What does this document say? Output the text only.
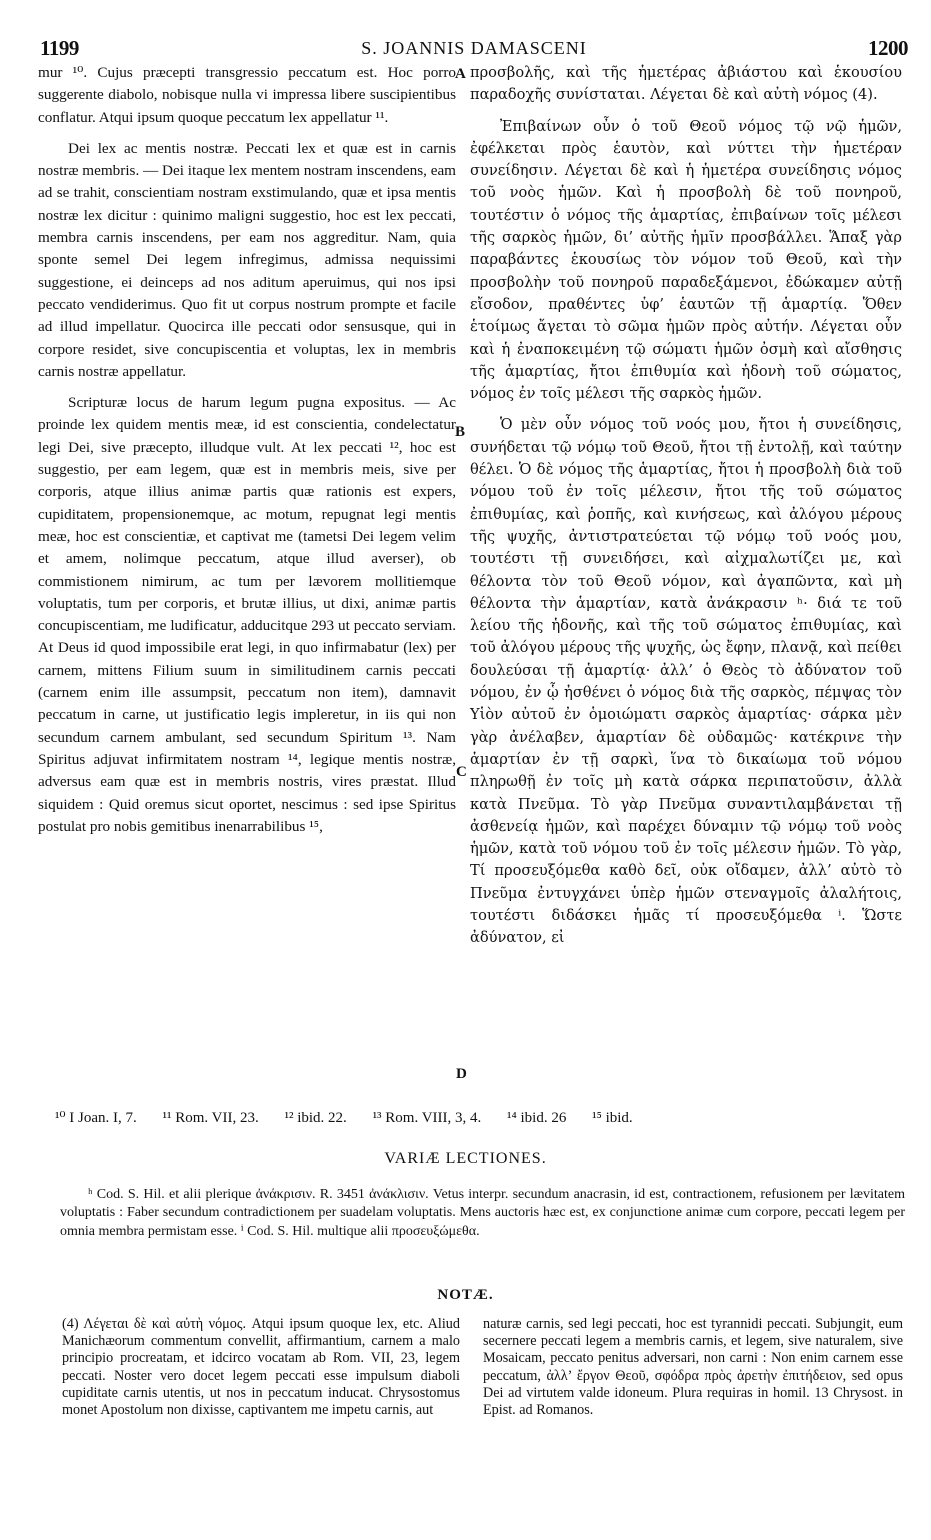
1199	S. JOANNIS DAMASCENI	1200

mur ¹⁰. Cujus præcepti transgressio peccatum est. Hoc porro suggerente diabolo, nobisque nulla vi impressa libere suscipientibus conflatur. Atqui ipsum quoque peccatum lex appellatur ¹¹.

Dei lex ac mentis nostræ. Peccati lex et quæ est in carnis nostræ membris. — Dei itaque lex mentem nostram inscendens, eam ad se trahit, conscientiam nostram exstimulando, quæ et ipsa mentis nostræ lex dicitur : quinimo maligni suggestio, hoc est lex peccati, membra carnis inscendens, per eam nos aggreditur. Nam, quia sponte semel Dei legem infregimus, admissa nequissimi suggestione, ei deinceps ad nos aditum aperuimus, qui nos ipsi peccato vendiderimus. Quo fit ut corpus nostrum prompte et facile ad illud impellatur. Quocirca ille peccati odor sensusque, qui in corpore residet, sive concupiscentia et voluptas, lex in membris carnis nostræ appellatur.

Scripturæ locus de harum legum pugna expositus. — Ac proinde lex quidem mentis meæ, id est conscientia, condelectatur legi Dei, sive præcepto, illudque vult. At lex peccati ¹², hoc est suggestio, per eam legem, quæ est in membris meis, sive per corporis, atque illius animæ partis quæ rationis est expers, cupiditatem, propensionemque, ac motum, repugnat legi mentis meæ, hoc est conscientiæ, et captivat me (tametsi Dei legem velim et amem, nolimque peccatum, atque illud averser), ob commistionem nimirum, ac tum per lævorem mollitiemque voluptatis, tum per corporis, et brutæ illius, ut dixi, animæ partis concupiscentiam, me ludificatur, adducitque 293 ut peccato serviam. At Deus id quod impossibile erat legi, in quo infirmabatur (lex) per carnem, mittens Filium suum in similitudinem carnis peccati (carnem enim ille assumpsit, peccatum non item), damnavit peccatum in carne, ut justificatio legis impleretur, in iis qui non secundum carnem ambulant, sed secundum Spiritum ¹³. Nam Spiritus adjuvat infirmitatem nostram ¹⁴, legique mentis nostræ, adversus eam quæ est in membris nostris, vires præstat. Illud siquidem : Quid oremus sicut oportet, nescimus : sed ipse Spiritus postulat pro nobis gemitibus inenarrabilibus ¹⁵,

A
B
C
D

προσβολῆς, καὶ τῆς ἡμετέρας ἀβιάστου καὶ ἑκουσίου παραδοχῆς συνίσταται. Λέγεται δὲ καὶ αὐτὴ νόμος (4).

Ἐπιβαίνων οὖν ὁ τοῦ Θεοῦ νόμος τῷ νῷ ἡμῶν, ἐφέλκεται πρὸς ἑαυτὸν, καὶ νύττει τὴν ἡμετέραν συνείδησιν. Λέγεται δὲ καὶ ἡ ἡμετέρα συνείδησις νόμος τοῦ νοὸς ἡμῶν. Καὶ ἡ προσβολὴ δὲ τοῦ πονηροῦ, τουτέστιν ὁ νόμος τῆς ἁμαρτίας, ἐπιβαίνων τοῖς μέλεσι τῆς σαρκὸς ἡμῶν, δι’ αὐτῆς ἡμῖν προσβάλλει. Ἅπαξ γὰρ παραβάντες ἑκουσίως τὸν νόμον τοῦ Θεοῦ, καὶ τὴν προσβολὴν τοῦ πονηροῦ παραδεξάμενοι, ἐδώκαμεν αὐτῇ εἴσοδον, πραθέντες ὑφ’ ἑαυτῶν τῇ ἁμαρτίᾳ. Ὅθεν ἑτοίμως ἄγεται τὸ σῶμα ἡμῶν πρὸς αὐτήν. Λέγεται οὖν καὶ ἡ ἐναποκειμένη τῷ σώματι ἡμῶν ὀσμὴ καὶ αἴσθησις τῆς ἁμαρτίας, ἤτοι ἐπιθυμία καὶ ἡδονὴ τοῦ σώματος, νόμος ἐν τοῖς μέλεσι τῆς σαρκὸς ἡμῶν.

Ὁ μὲν οὖν νόμος τοῦ νοός μου, ἤτοι ἡ συνείδησις, συνήδεται τῷ νόμῳ τοῦ Θεοῦ, ἤτοι τῇ ἐντολῇ, καὶ ταύτην θέλει. Ὁ δὲ νόμος τῆς ἁμαρτίας, ἤτοι ἡ προσβολὴ διὰ τοῦ νόμου τοῦ ἐν τοῖς μέλεσιν, ἤτοι τῆς τοῦ σώματος ἐπιθυμίας, καὶ ῥοπῆς, καὶ κινήσεως, καὶ ἀλόγου μέρους τῆς ψυχῆς, ἀντιστρατεύεται τῷ νόμῳ τοῦ νοός μου, τουτέστι τῇ συνειδήσει, καὶ αἰχμαλωτίζει με, καὶ θέλοντα τὸν τοῦ Θεοῦ νόμον, καὶ ἀγαπῶντα, καὶ μὴ θέλοντα τὴν ἁμαρτίαν, κατὰ ἀνάκρασιν ʰ· διά τε τοῦ λείου τῆς ἡδονῆς, καὶ τῆς τοῦ σώματος ἐπιθυμίας, καὶ τοῦ ἀλόγου μέρους τῆς ψυχῆς, ὡς ἔφην, πλανᾷ, καὶ πείθει δουλεύσαι τῇ ἁμαρτίᾳ· ἀλλ’ ὁ Θεὸς τὸ ἀδύνατον τοῦ νόμου, ἐν ᾧ ἠσθένει ὁ νόμος διὰ τῆς σαρκὸς, πέμψας τὸν Υἱὸν αὐτοῦ ἐν ὁμοιώματι σαρκὸς ἁμαρτίας· σάρκα μὲν γὰρ ἀνέλαβεν, ἁμαρτίαν δὲ οὐδαμῶς· κατέκρινε τὴν ἁμαρτίαν ἐν τῇ σαρκὶ, ἵνα τὸ δικαίωμα τοῦ νόμου πληρωθῇ ἐν τοῖς μὴ κατὰ σάρκα περιπατοῦσιν, ἀλλὰ κατὰ Πνεῦμα. Τὸ γὰρ Πνεῦμα συναντιλαμβάνεται τῇ ἀσθενείᾳ ἡμῶν, καὶ παρέχει δύναμιν τῷ νόμῳ τοῦ νοὸς ἡμῶν, κατὰ τοῦ νόμου τοῦ ἐν τοῖς μέλεσιν ἡμῶν. Τὸ γὰρ, Τί προσευξόμεθα καθὸ δεῖ, οὐκ οἴδαμεν, ἀλλ’ αὐτὸ τὸ Πνεῦμα ἐντυγχάνει ὑπὲρ ἡμῶν στεναγμοῖς ἀλαλήτοις, τουτέστι διδάσκει ἡμᾶς τί προσευξόμεθα ⁱ. Ὥστε ἀδύνατον, εἰ

¹⁰ I Joan. I, 7. ¹¹ Rom. VII, 23. ¹² ibid. 22. ¹³ Rom. VIII, 3, 4. ¹⁴ ibid. 26 ¹⁵ ibid.
VARIÆ LECTIONES.
ʰ Cod. S. Hil. et alii plerique ἀνάκρισιν. R. 3451 ἀνάκλισιν. Vetus interpr. secundum anacrasin, id est, contractionem, refusionem per lævitatem voluptatis : Faber secundum contradictionem per suadelam voluptatis. Mens auctoris hæc est, ex conjunctione animæ cum corpore, peccati legem per omnia membra permistam esse. ⁱ Cod. S. Hil. multique alii προσευξώμεθα.
NOTÆ.

(4) Λέγεται δὲ καὶ αὐτὴ νόμος. Atqui ipsum quoque lex, etc. Aliud Manichæorum commentum convellit, affirmantium, carnem a malo principio procreatam, et idcirco vocatam ab Rom. VII, 23, legem peccati. Noster vero docet legem peccati esse impulsum diaboli cupiditate carnis utentis, ut nos in peccatum inducat. Chrysostomus monet Apostolum non dixisse, captivantem me impetu carnis, aut

naturæ carnis, sed legi peccati, hoc est tyrannidi peccati. Subjungit, eum secernere peccati legem a membris carnis, et legem, sive naturalem, sive Mosaicam, peccato penitus adversari, non carni : Non enim carnem esse peccatum, ἀλλ’ ἔργον Θεοῦ, σφόδρα πρὸς ἀρετὴν ἐπιτήδειον, sed opus Dei ad virtutem valde idoneum. Plura requiras in homil. 13 Chrysost. in Epist. ad Romanos.
